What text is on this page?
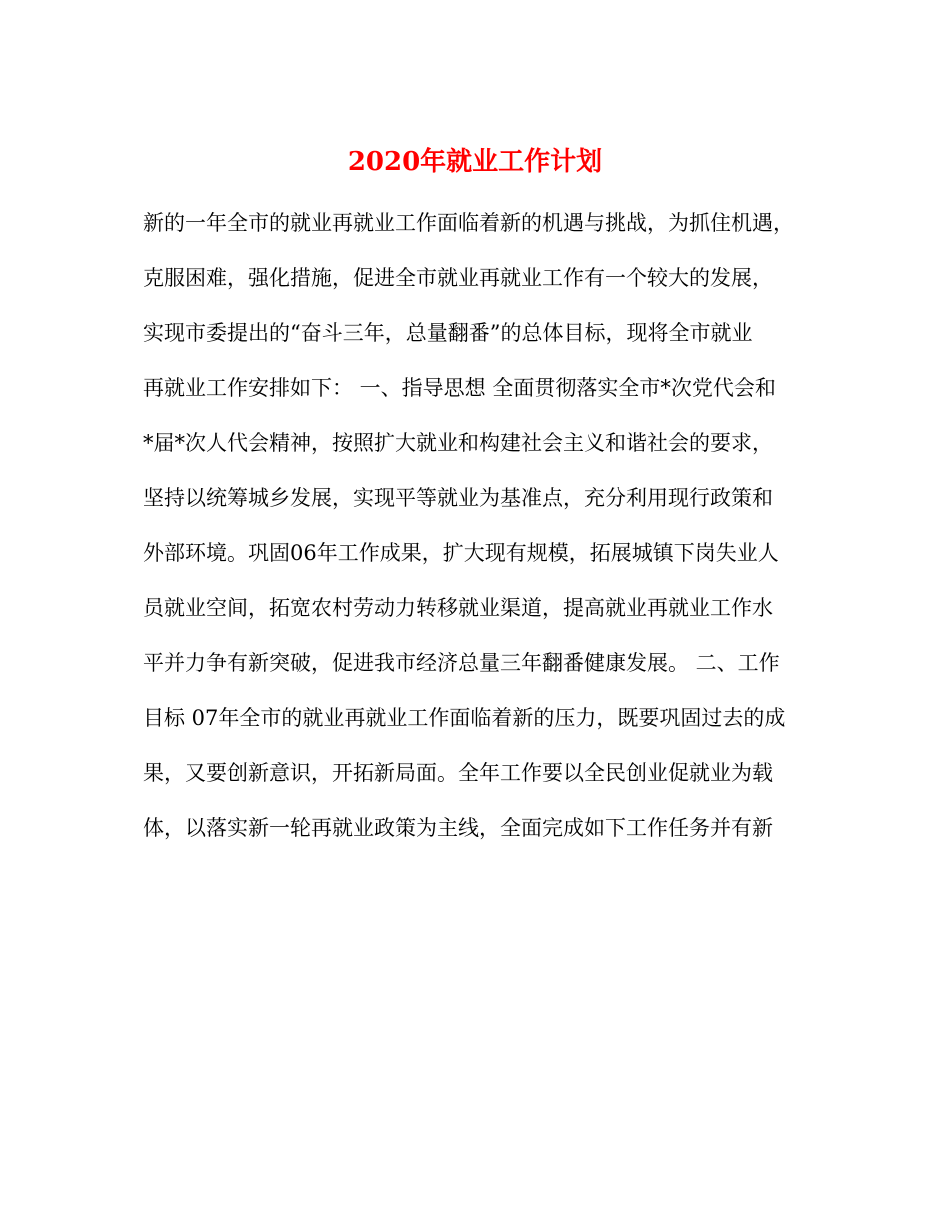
2020年就业工作计划
新的一年全市的就业再就业工作面临着新的机遇与挑战，为抓住机遇，
克服困难，强化措施，促进全市就业再就业工作有一个较大的发展，
实现市委提出的“奋斗三年，总量翻番”的总体目标，现将全市就业
再就业工作安排如下： 一、指导思想 全面贯彻落实全市*次党代会和
*届*次人代会精神，按照扩大就业和构建社会主义和谐社会的要求，
坚持以统筹城乡发展，实现平等就业为基准点，充分利用现行政策和
外部环境。巩固06年工作成果，扩大现有规模，拓展城镇下岗失业人
员就业空间，拓宽农村劳动力转移就业渠道，提高就业再就业工作水
平并力争有新突破，促进我市经济总量三年翻番健康发展。 二、工作
目标 07年全市的就业再就业工作面临着新的压力，既要巩固过去的成
果，又要创新意识，开拓新局面。全年工作要以全民创业促就业为载
体，以落实新一轮再就业政策为主线，全面完成如下工作任务并有新
